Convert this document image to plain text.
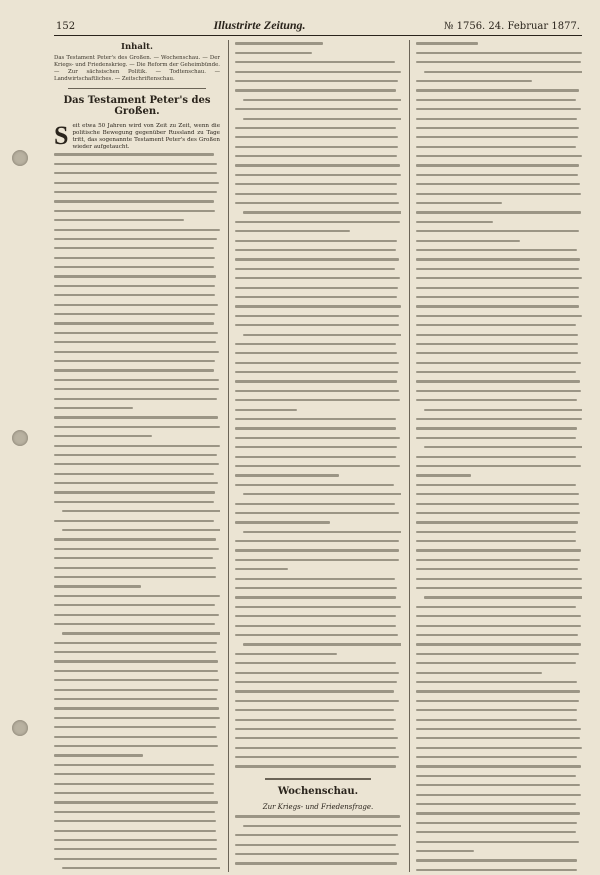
152	Illustrirte Zeitung.	№ 1756. 24. Februar 1877.
Inhalt.
Das Testament Peter's des Großen. — Wochenschau. — Der Kriegs- und Friedenskrieg. — Die Reform der Geheimbünde. — Zur sächsischen Politik. — Todtenschau. — Landwirtschaftliches. — Zeitschriftenschau.
Das Testament Peter's des Großen.
S eit etwa 50 Jahren wird von Zeit zu Zeit, wenn die politische Bewegung gegenüber Russland zu Tage tritt, das sogenannte Testament Peter's des Großen wieder aufgetaucht.
Wochenschau.
Zur Kriegs- und Friedensfrage.
